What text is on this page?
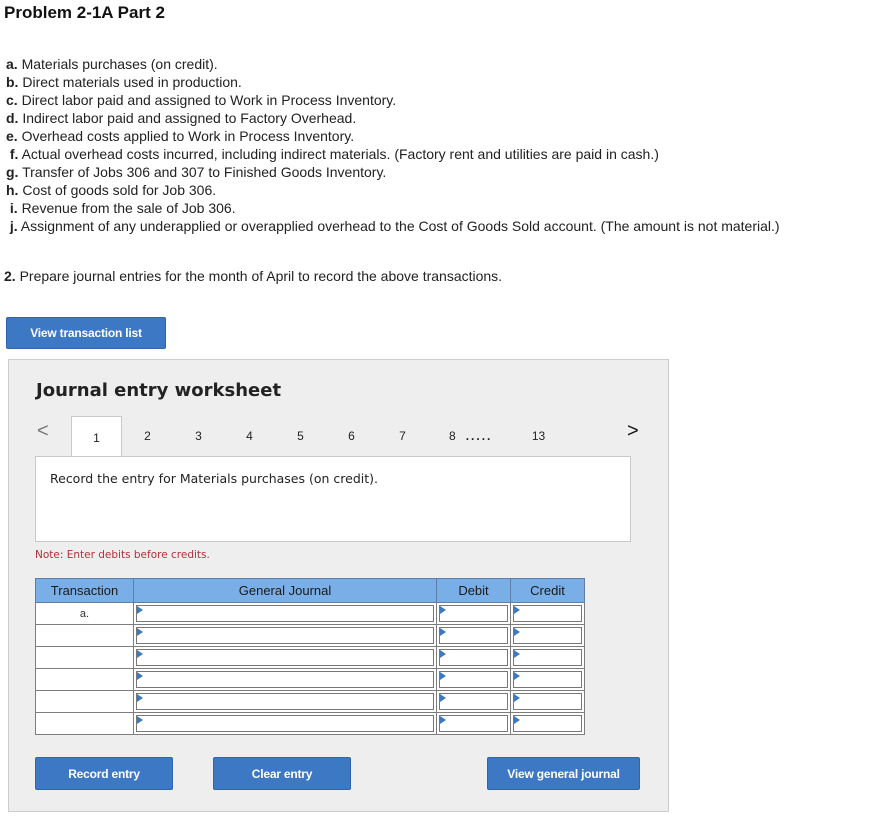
Problem 2-1A Part 2
a. Materials purchases (on credit).
b. Direct materials used in production.
c. Direct labor paid and assigned to Work in Process Inventory.
d. Indirect labor paid and assigned to Factory Overhead.
e. Overhead costs applied to Work in Process Inventory.
f. Actual overhead costs incurred, including indirect materials. (Factory rent and utilities are paid in cash.)
g. Transfer of Jobs 306 and 307 to Finished Goods Inventory.
h. Cost of goods sold for Job 306.
i. Revenue from the sale of Job 306.
j. Assignment of any underapplied or overapplied overhead to the Cost of Goods Sold account. (The amount is not material.)
2. Prepare journal entries for the month of April to record the above transactions.
View transaction list
Journal entry worksheet
<	>
1	2	3	4	5	6	7	8 .....	13
Record the entry for Materials purchases (on credit).
Note: Enter debits before credits.
Transaction	General Journal	Debit	Credit
a.	

Record entry	Clear entry	View general journal
